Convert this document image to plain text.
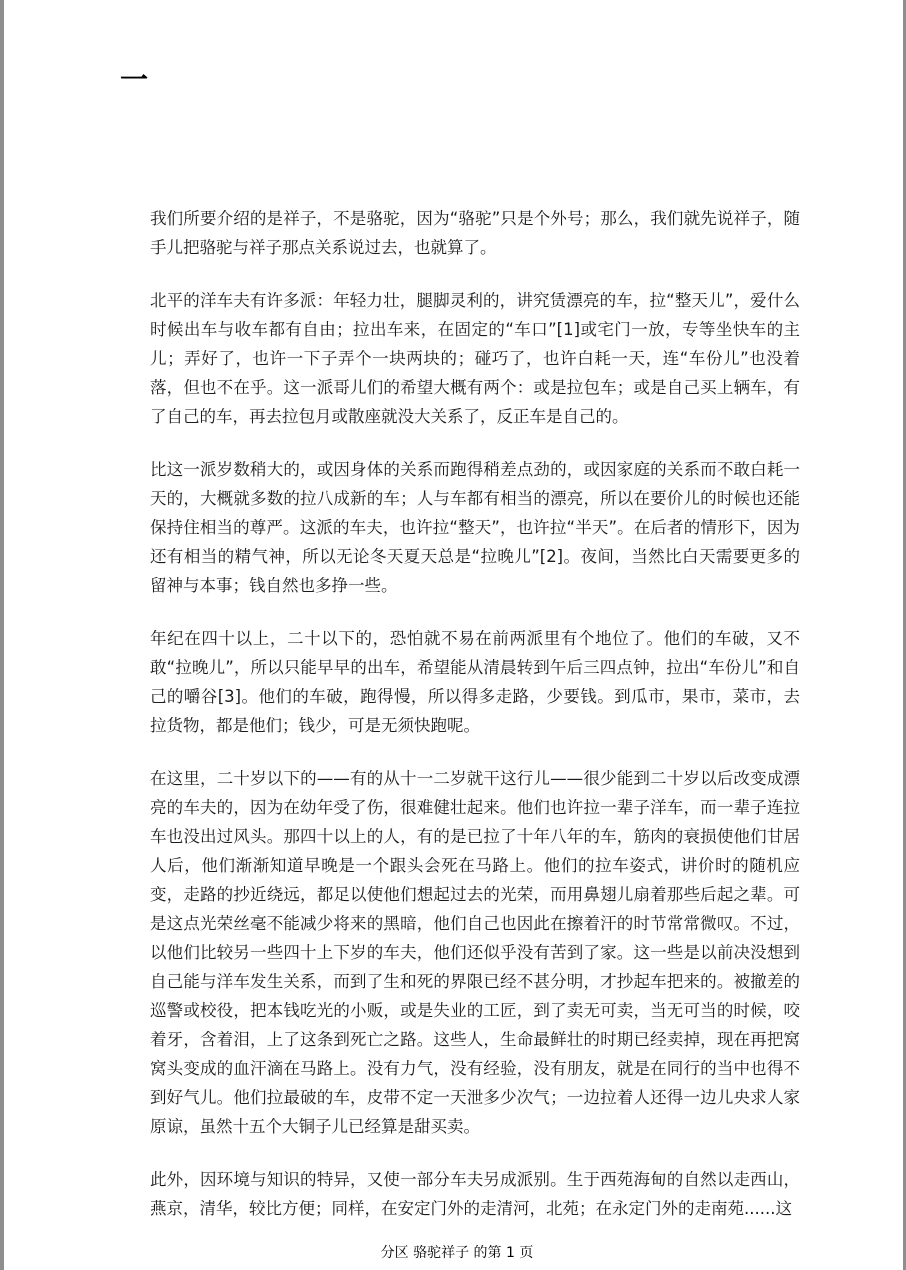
一

我们所要介绍的是祥子，不是骆驼，因为“骆驼”只是个外号；那么，我们就先说祥子，随手儿把骆驼与祥子那点关系说过去，也就算了。

北平的洋车夫有许多派：年轻力壮，腿脚灵利的，讲究赁漂亮的车，拉“整天儿”，爱什么时候出车与收车都有自由；拉出车来，在固定的“车口”[1]或宅门一放，专等坐快车的主儿；弄好了，也许一下子弄个一块两块的；碰巧了，也许白耗一天，连“车份儿”也没着落，但也不在乎。这一派哥儿们的希望大概有两个：或是拉包车；或是自己买上辆车，有了自己的车，再去拉包月或散座就没大关系了，反正车是自己的。

比这一派岁数稍大的，或因身体的关系而跑得稍差点劲的，或因家庭的关系而不敢白耗一天的，大概就多数的拉八成新的车；人与车都有相当的漂亮，所以在要价儿的时候也还能保持住相当的尊严。这派的车夫，也许拉“整天”，也许拉“半天”。在后者的情形下，因为还有相当的精气神，所以无论冬天夏天总是“拉晚儿”[2]。夜间，当然比白天需要更多的留神与本事；钱自然也多挣一些。

年纪在四十以上，二十以下的，恐怕就不易在前两派里有个地位了。他们的车破，又不敢“拉晚儿”，所以只能早早的出车，希望能从清晨转到午后三四点钟，拉出“车份儿”和自己的嚼谷[3]。他们的车破，跑得慢，所以得多走路，少要钱。到瓜市，果市，菜市，去拉货物，都是他们；钱少，可是无须快跑呢。

在这里，二十岁以下的——有的从十一二岁就干这行儿——很少能到二十岁以后改变成漂亮的车夫的，因为在幼年受了伤，很难健壮起来。他们也许拉一辈子洋车，而一辈子连拉车也没出过风头。那四十以上的人，有的是已拉了十年八年的车，筋肉的衰损使他们甘居人后，他们渐渐知道早晚是一个跟头会死在马路上。他们的拉车姿式，讲价时的随机应变，走路的抄近绕远，都足以使他们想起过去的光荣，而用鼻翅儿扇着那些后起之辈。可是这点光荣丝毫不能减少将来的黑暗，他们自己也因此在擦着汗的时节常常微叹。不过，以他们比较另一些四十上下岁的车夫，他们还似乎没有苦到了家。这一些是以前决没想到自己能与洋车发生关系，而到了生和死的界限已经不甚分明，才抄起车把来的。被撤差的巡警或校役，把本钱吃光的小贩，或是失业的工匠，到了卖无可卖，当无可当的时候，咬着牙，含着泪，上了这条到死亡之路。这些人，生命最鲜壮的时期已经卖掉，现在再把窝窝头变成的血汗滴在马路上。没有力气，没有经验，没有朋友，就是在同行的当中也得不到好气儿。他们拉最破的车，皮带不定一天泄多少次气；一边拉着人还得一边儿央求人家原谅，虽然十五个大铜子儿已经算是甜买卖。

此外，因环境与知识的特异，又使一部分车夫另成派别。生于西苑海甸的自然以走西山，燕京，清华，较比方便；同样，在安定门外的走清河，北苑；在永定门外的走南苑......这

分区 骆驼祥子 的第 1 页
